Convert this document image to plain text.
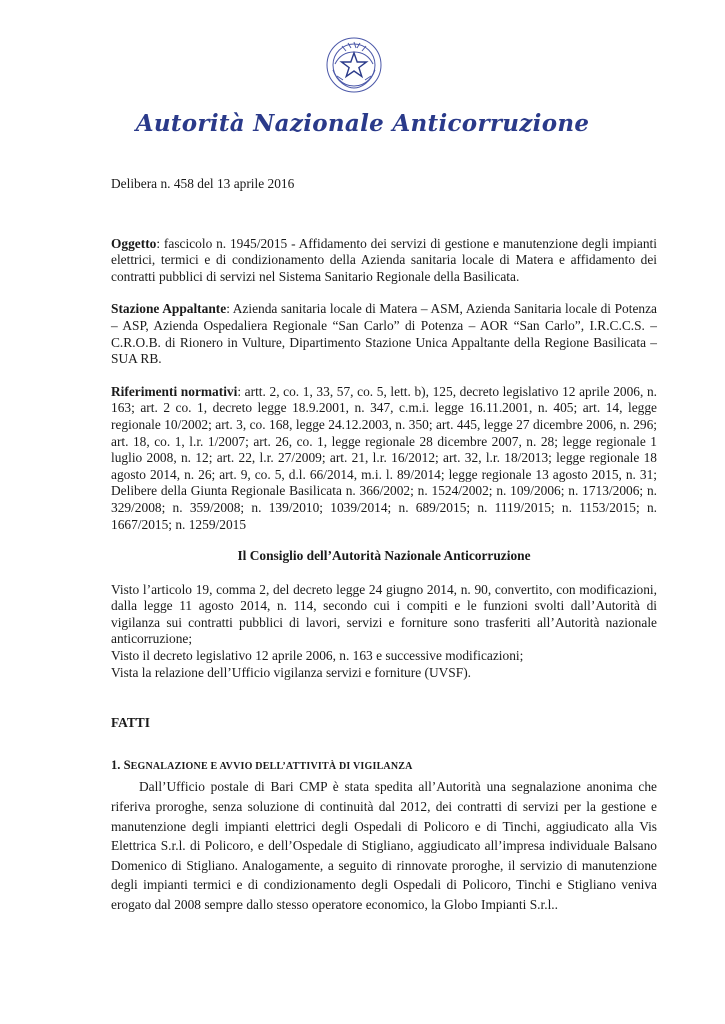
Autorità Nazionale Anticorruzione

Delibera n. 458 del 13 aprile 2016

Oggetto: fascicolo n. 1945/2015 - Affidamento dei servizi di gestione e manutenzione degli impianti elettrici, termici e di condizionamento della Azienda sanitaria locale di Matera e affidamento dei contratti pubblici di servizi nel Sistema Sanitario Regionale della Basilicata.

Stazione Appaltante: Azienda sanitaria locale di Matera – ASM, Azienda Sanitaria locale di Potenza – ASP, Azienda Ospedaliera Regionale “San Carlo” di Potenza – AOR “San Carlo”, I.R.C.C.S. – C.R.O.B. di Rionero in Vulture, Dipartimento Stazione Unica Appaltante della Regione Basilicata – SUA RB.

Riferimenti normativi: artt. 2, co. 1, 33, 57, co. 5, lett. b), 125, decreto legislativo 12 aprile 2006, n. 163; art. 2 co. 1, decreto legge 18.9.2001, n. 347, c.m.i. legge 16.11.2001, n. 405; art. 14, legge regionale 10/2002; art. 3, co. 168, legge 24.12.2003, n. 350; art. 445, legge 27 dicembre 2006, n. 296; art. 18, co. 1, l.r. 1/2007; art. 26, co. 1, legge regionale 28 dicembre 2007, n. 28; legge regionale 1 luglio 2008, n. 12; art. 22, l.r. 27/2009; art. 21, l.r. 16/2012; art. 32, l.r. 18/2013; legge regionale 18 agosto 2014, n. 26; art. 9, co. 5, d.l. 66/2014, m.i. l. 89/2014; legge regionale 13 agosto 2015, n. 31; Delibere della Giunta Regionale Basilicata n. 366/2002; n. 1524/2002; n. 109/2006; n. 1713/2006; n. 329/2008; n. 359/2008; n. 139/2010; 1039/2014; n. 689/2015; n. 1119/2015; n. 1153/2015; n. 1667/2015; n. 1259/2015

Il Consiglio dell’Autorità Nazionale Anticorruzione

Visto l’articolo 19, comma 2, del decreto legge 24 giugno 2014, n. 90, convertito, con modificazioni, dalla legge 11 agosto 2014, n. 114, secondo cui i compiti e le funzioni svolti dall’Autorità di vigilanza sui contratti pubblici di lavori, servizi e forniture sono trasferiti all’Autorità nazionale anticorruzione;

Visto il decreto legislativo 12 aprile 2006, n. 163 e successive modificazioni;

Vista la relazione dell’Ufficio vigilanza servizi e forniture (UVSF).

FATTI

1. SEGNALAZIONE E AVVIO DELL’ATTIVITÀ DI VIGILANZA

Dall’Ufficio postale di Bari CMP è stata spedita all’Autorità una segnalazione anonima che riferiva proroghe, senza soluzione di continuità dal 2012, dei contratti di servizi per la gestione e manutenzione degli impianti elettrici degli Ospedali di Policoro e di Tinchi, aggiudicato alla Vis Elettrica S.r.l. di Policoro, e dell’Ospedale di Stigliano, aggiudicato all’impresa individuale Balsano Domenico di Stigliano. Analogamente, a seguito di rinnovate proroghe, il servizio di manutenzione degli impianti termici e di condizionamento degli Ospedali di Policoro, Tinchi e Stigliano veniva erogato dal 2008 sempre dallo stesso operatore economico, la Globo Impianti S.r.l..
